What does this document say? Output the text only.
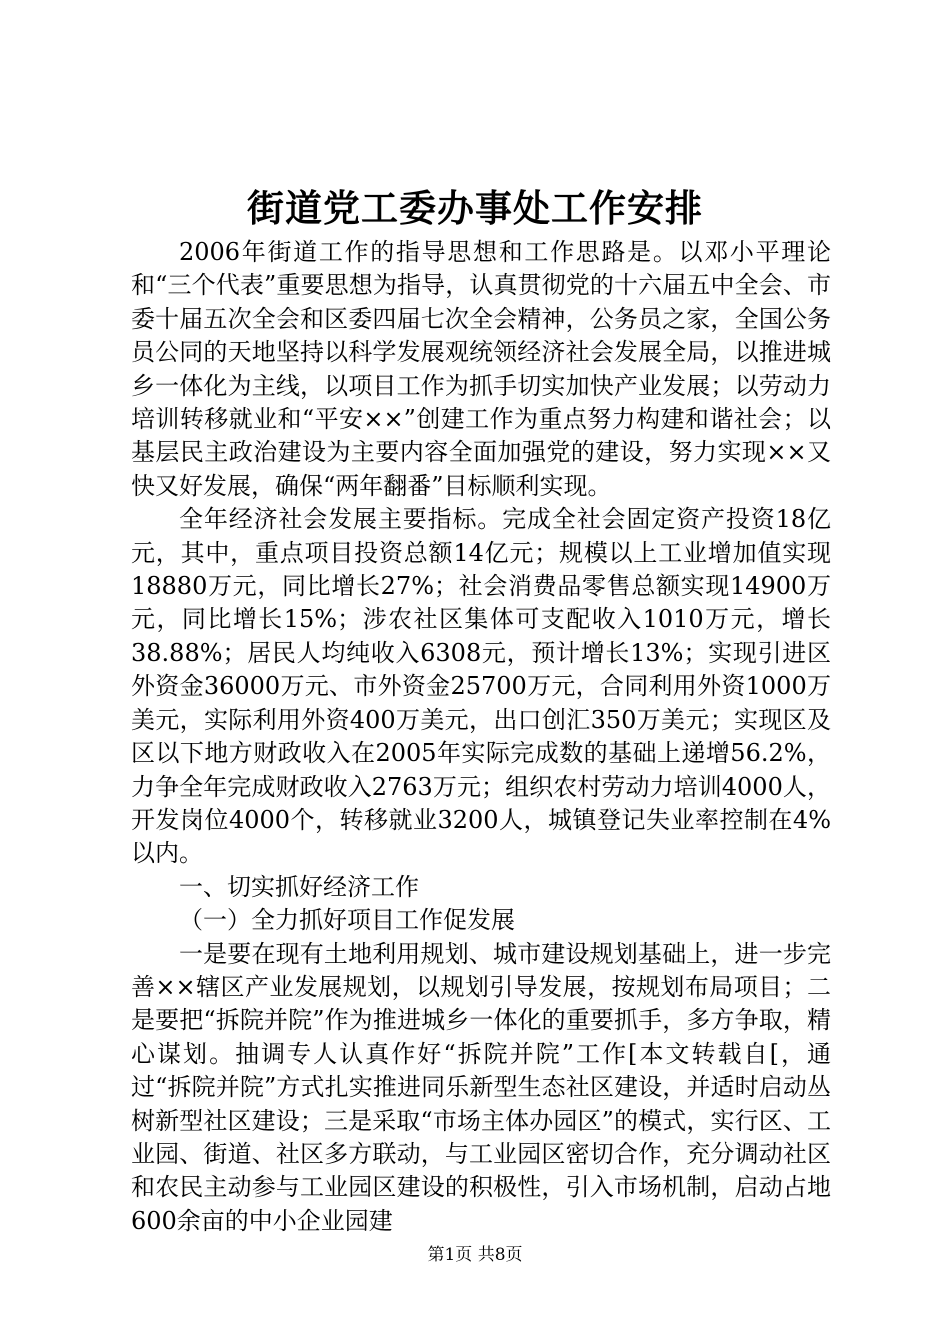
街道党工委办事处工作安排

2006年街道工作的指导思想和工作思路是。以邓小平理论和“三个代表”重要思想为指导，认真贯彻党的十六届五中全会、市委十届五次全会和区委四届七次全会精神，公务员之家，全国公务员公同的天地坚持以科学发展观统领经济社会发展全局，以推进城乡一体化为主线，以项目工作为抓手切实加快产业发展；以劳动力培训转移就业和“平安××”创建工作为重点努力构建和谐社会；以基层民主政治建设为主要内容全面加强党的建设，努力实现××又快又好发展，确保“两年翻番”目标顺利实现。

全年经济社会发展主要指标。完成全社会固定资产投资18亿元，其中，重点项目投资总额14亿元；规模以上工业增加值实现18880万元，同比增长27%；社会消费品零售总额实现14900万元，同比增长15%；涉农社区集体可支配收入1010万元，增长38.88%；居民人均纯收入6308元，预计增长13%；实现引进区外资金36000万元、市外资金25700万元，合同利用外资1000万美元，实际利用外资400万美元，出口创汇350万美元；实现区及区以下地方财政收入在2005年实际完成数的基础上递增56.2%，力争全年完成财政收入2763万元；组织农村劳动力培训4000人，开发岗位4000个，转移就业3200人，城镇登记失业率控制在4%以内。

一、切实抓好经济工作

（一）全力抓好项目工作促发展

一是要在现有土地利用规划、城市建设规划基础上，进一步完善××辖区产业发展规划，以规划引导发展，按规划布局项目；二是要把“拆院并院”作为推进城乡一体化的重要抓手，多方争取，精心谋划。抽调专人认真作好“拆院并院”工作[本文转载自[，通过“拆院并院”方式扎实推进同乐新型生态社区建设，并适时启动丛树新型社区建设；三是采取“市场主体办园区”的模式，实行区、工业园、街道、社区多方联动，与工业园区密切合作，充分调动社区和农民主动参与工业园区建设的积极性，引入市场机制，启动占地600余亩的中小企业园建

第1页 共8页
